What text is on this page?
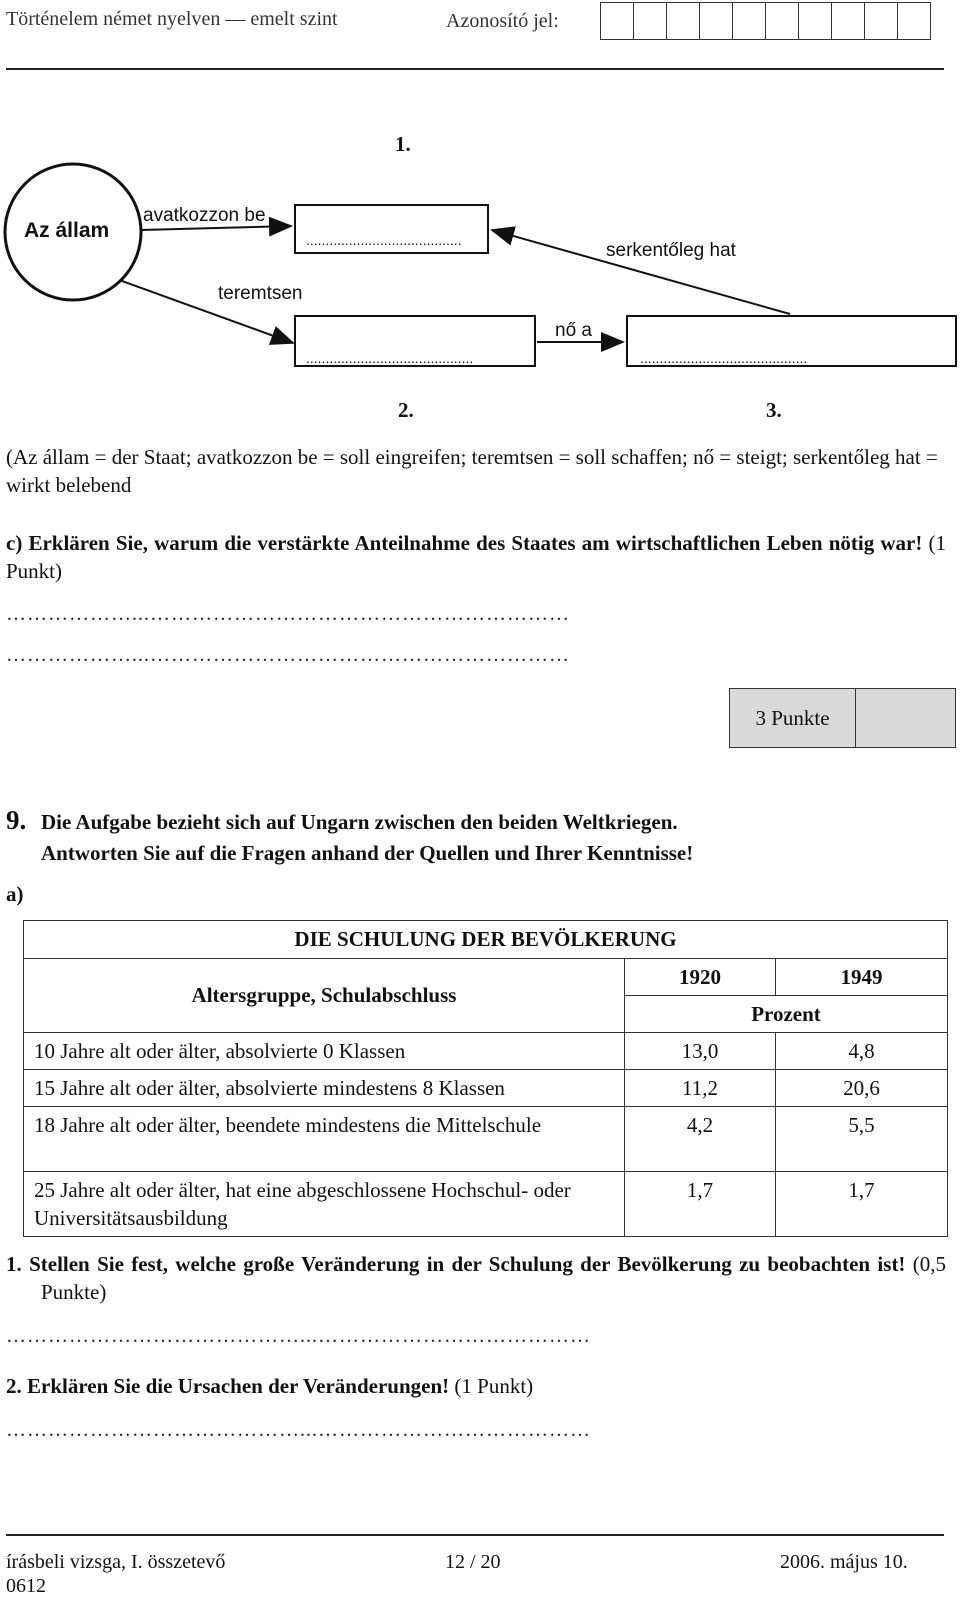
Történelem német nyelven — emelt szint	Azonosító jel:
1.
Az állam
avatkozzon be
teremtsen
serkentőleg hat
nő a
........................................
...........................................	...........................................
2.	3.
(Az állam = der Staat; avatkozzon be = soll eingreifen; teremtsen = soll schaffen; nő = steigt; serkentőleg hat = wirkt belebend
c) Erklären Sie, warum die verstärkte Anteilnahme des Staates am wirtschaftlichen Leben nötig war! (1 Punkt)
………………...……………………………………………………
………………...……………………………………………………
3 Punkte
9. Die Aufgabe bezieht sich auf Ungarn zwischen den beiden Weltkriegen.
Antworten Sie auf die Fragen anhand der Quellen und Ihrer Kenntnisse!
a)
DIE SCHULUNG DER BEVÖLKERUNG		
Altersgruppe, Schulabschluss	1920	1949
	Prozent	
10 Jahre alt oder älter, absolvierte 0 Klassen	13,0	4,8
15 Jahre alt oder älter, absolvierte mindestens 8 Klassen	11,2	20,6
18 Jahre alt oder älter, beendete mindestens die Mittelschule	4,2	5,5
25 Jahre alt oder älter, hat eine abgeschlossene Hochschul- oder Universitätsausbildung	1,7	1,7
1. Stellen Sie fest, welche große Veränderung in der Schulung der Bevölkerung zu beobachten ist! (0,5 Punkte)
……………………………………...…………………………………
2. Erklären Sie die Ursachen der Veränderungen! (1 Punkt)
……………………………………...…………………………………
írásbeli vizsga, I. összetevő	12 / 20	2006. május 10.
0612
